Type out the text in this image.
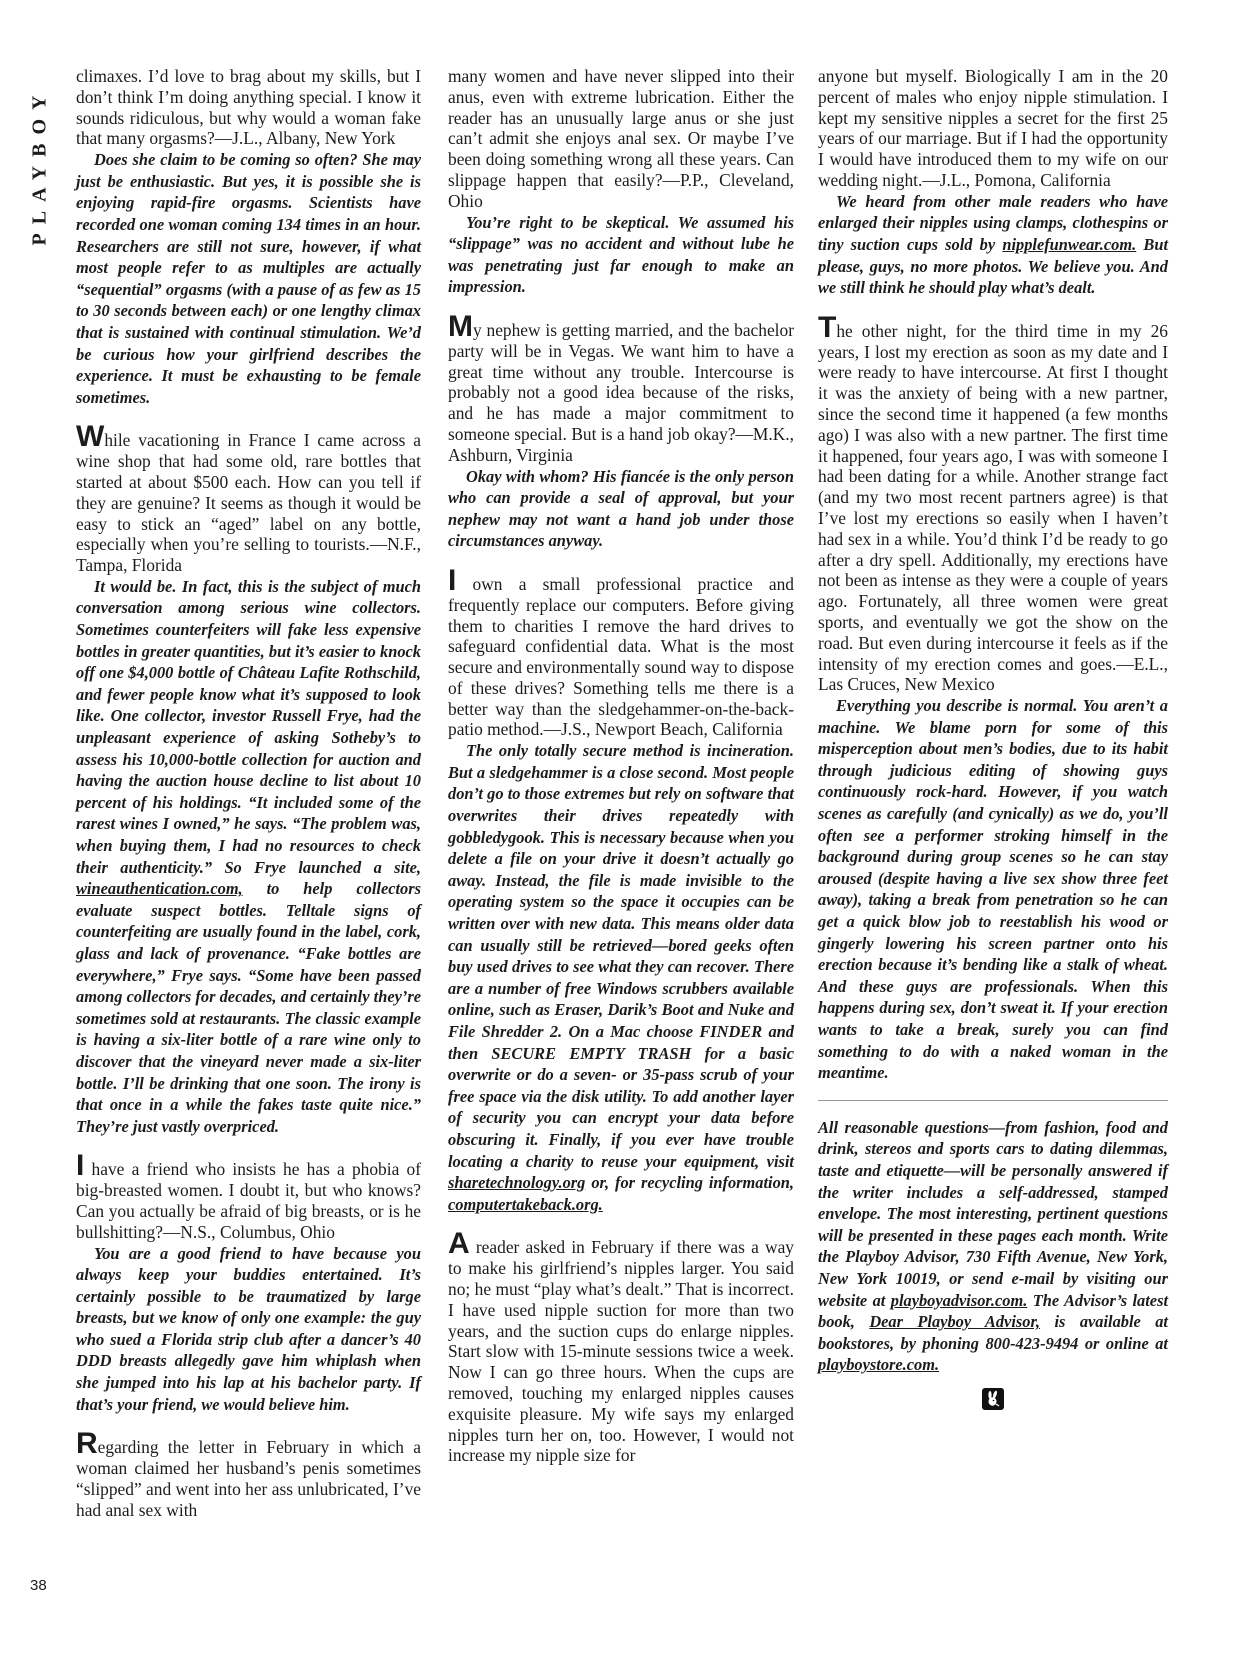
PLAYBOY
38

climaxes. I’d love to brag about my skills, but I don’t think I’m doing anything special. I know it sounds ridiculous, but why would a woman fake that many orgasms?—J.L., Albany, New York

Does she claim to be coming so often? She may just be enthusiastic. But yes, it is possible she is enjoying rapid-fire orgasms. Scientists have recorded one woman coming 134 times in an hour. Researchers are still not sure, however, if what most people refer to as multiples are actually “sequential” orgasms (with a pause of as few as 15 to 30 seconds between each) or one lengthy climax that is sustained with continual stimulation. We’d be curious how your girlfriend describes the experience. It must be exhausting to be female sometimes.

While vacationing in France I came across a wine shop that had some old, rare bottles that started at about $500 each. How can you tell if they are genuine? It seems as though it would be easy to stick an “aged” label on any bottle, especially when you’re selling to tourists.—N.F., Tampa, Florida

It would be. In fact, this is the subject of much conversation among serious wine collectors. Sometimes counterfeiters will fake less expensive bottles in greater quantities, but it’s easier to knock off one $4,000 bottle of Château Lafite Rothschild, and fewer people know what it’s supposed to look like. One collector, investor Russell Frye, had the unpleasant experience of asking Sotheby’s to assess his 10,000-bottle collection for auction and having the auction house decline to list about 10 percent of his holdings. “It included some of the rarest wines I owned,” he says. “The problem was, when buying them, I had no resources to check their authenticity.” So Frye launched a site, wineauthentication.com, to help collectors evaluate suspect bottles. Telltale signs of counterfeiting are usually found in the label, cork, glass and lack of provenance. “Fake bottles are everywhere,” Frye says. “Some have been passed among collectors for decades, and certainly they’re sometimes sold at restaurants. The classic example is having a six-liter bottle of a rare wine only to discover that the vineyard never made a six-liter bottle. I’ll be drinking that one soon. The irony is that once in a while the fakes taste quite nice.” They’re just vastly overpriced.

I have a friend who insists he has a phobia of big-breasted women. I doubt it, but who knows? Can you actually be afraid of big breasts, or is he bullshitting?—N.S., Columbus, Ohio

You are a good friend to have because you always keep your buddies entertained. It’s certainly possible to be traumatized by large breasts, but we know of only one example: the guy who sued a Florida strip club after a dancer’s 40 DDD breasts allegedly gave him whiplash when she jumped into his lap at his bachelor party. If that’s your friend, we would believe him.

Regarding the letter in February in which a woman claimed her husband’s penis sometimes “slipped” and went into her ass unlubricated, I’ve had anal sex with

many women and have never slipped into their anus, even with extreme lubrication. Either the reader has an unusually large anus or she just can’t admit she enjoys anal sex. Or maybe I’ve been doing something wrong all these years. Can slippage happen that easily?—P.P., Cleveland, Ohio

You’re right to be skeptical. We assumed his “slippage” was no accident and without lube he was penetrating just far enough to make an impression.

My nephew is getting married, and the bachelor party will be in Vegas. We want him to have a great time without any trouble. Intercourse is probably not a good idea because of the risks, and he has made a major commitment to someone special. But is a hand job okay?—M.K., Ashburn, Virginia

Okay with whom? His fiancée is the only person who can provide a seal of approval, but your nephew may not want a hand job under those circumstances anyway.

I own a small professional practice and frequently replace our computers. Before giving them to charities I remove the hard drives to safeguard confidential data. What is the most secure and environmentally sound way to dispose of these drives? Something tells me there is a better way than the sledgehammer-on-the-back-patio method.—J.S., Newport Beach, California

The only totally secure method is incineration. But a sledgehammer is a close second. Most people don’t go to those extremes but rely on software that overwrites their drives repeatedly with gobbledygook. This is necessary because when you delete a file on your drive it doesn’t actually go away. Instead, the file is made invisible to the operating system so the space it occupies can be written over with new data. This means older data can usually still be retrieved—bored geeks often buy used drives to see what they can recover. There are a number of free Windows scrubbers available online, such as Eraser, Darik’s Boot and Nuke and File Shredder 2. On a Mac choose FINDER and then SECURE EMPTY TRASH for a basic overwrite or do a seven- or 35-pass scrub of your free space via the disk utility. To add another layer of security you can encrypt your data before obscuring it. Finally, if you ever have trouble locating a charity to reuse your equipment, visit sharetechnology.org or, for recycling information, computertakeback.org.

A reader asked in February if there was a way to make his girlfriend’s nipples larger. You said no; he must “play what’s dealt.” That is incorrect. I have used nipple suction for more than two years, and the suction cups do enlarge nipples. Start slow with 15-minute sessions twice a week. Now I can go three hours. When the cups are removed, touching my enlarged nipples causes exquisite pleasure. My wife says my enlarged nipples turn her on, too. However, I would not increase my nipple size for

anyone but myself. Biologically I am in the 20 percent of males who enjoy nipple stimulation. I kept my sensitive nipples a secret for the first 25 years of our marriage. But if I had the opportunity I would have introduced them to my wife on our wedding night.—J.L., Pomona, California

We heard from other male readers who have enlarged their nipples using clamps, clothespins or tiny suction cups sold by nipplefunwear.com. But please, guys, no more photos. We believe you. And we still think he should play what’s dealt.

The other night, for the third time in my 26 years, I lost my erection as soon as my date and I were ready to have intercourse. At first I thought it was the anxiety of being with a new partner, since the second time it happened (a few months ago) I was also with a new partner. The first time it happened, four years ago, I was with someone I had been dating for a while. Another strange fact (and my two most recent partners agree) is that I’ve lost my erections so easily when I haven’t had sex in a while. You’d think I’d be ready to go after a dry spell. Additionally, my erections have not been as intense as they were a couple of years ago. Fortunately, all three women were great sports, and eventually we got the show on the road. But even during intercourse it feels as if the intensity of my erection comes and goes.—E.L., Las Cruces, New Mexico

Everything you describe is normal. You aren’t a machine. We blame porn for some of this misperception about men’s bodies, due to its habit through judicious editing of showing guys continuously rock-hard. However, if you watch scenes as carefully (and cynically) as we do, you’ll often see a performer stroking himself in the background during group scenes so he can stay aroused (despite having a live sex show three feet away), taking a break from penetration so he can get a quick blow job to reestablish his wood or gingerly lowering his screen partner onto his erection because it’s bending like a stalk of wheat. And these guys are professionals. When this happens during sex, don’t sweat it. If your erection wants to take a break, surely you can find something to do with a naked woman in the meantime.

All reasonable questions—from fashion, food and drink, stereos and sports cars to dating dilemmas, taste and etiquette—will be personally answered if the writer includes a self-addressed, stamped envelope. The most interesting, pertinent questions will be presented in these pages each month. Write the Playboy Advisor, 730 Fifth Avenue, New York, New York 10019, or send e-mail by visiting our website at playboyadvisor.com. The Advisor’s latest book, Dear Playboy Advisor, is available at bookstores, by phoning 800-423-9494 or online at playboystore.com.
